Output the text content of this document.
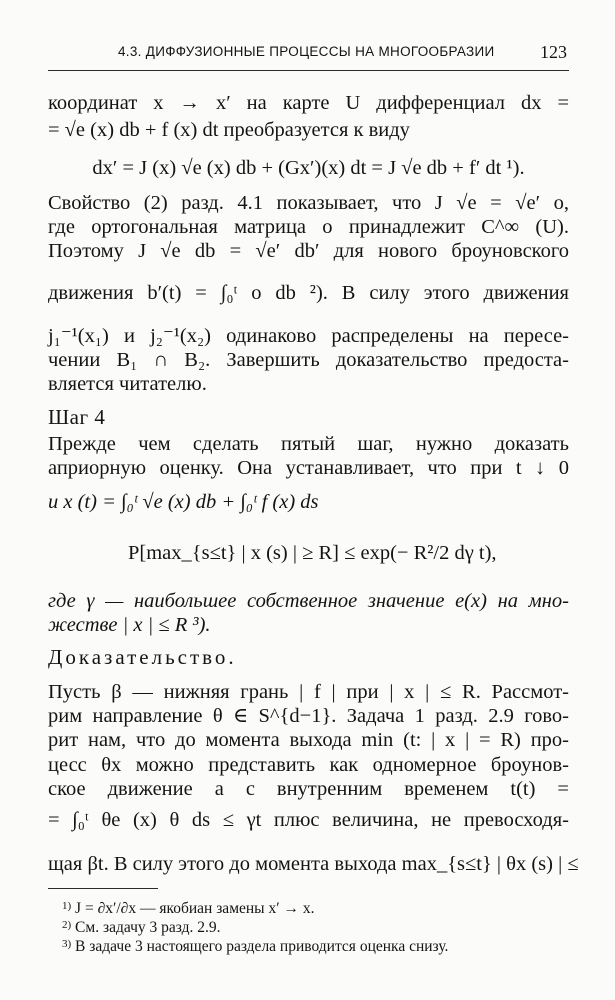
4.3. ДИФФУЗИОННЫЕ ПРОЦЕССЫ НА МНОГООБРАЗИИ	123
координат x → x′ на карте U дифференциал dx =
= √e (x) db + f (x) dt преобразуется к виду
dx′ = J (x) √e (x) db + (Gx′)(x) dt = J √e db + f′ dt ¹).
Свойство (2) разд. 4.1 показывает, что J √e = √e′ o,
где ортогональная матрица o принадлежит C^∞ (U).
Поэтому J √e db = √e′ db′ для нового броуновского
движения b′(t) = ∫₀ᵗ o db ²). В силу этого движения
j₁⁻¹(x₁) и j₂⁻¹(x₂) одинаково распределены на пересе-
чении B₁ ∩ B₂. Завершить доказательство предоста-
вляется читателю.
Шаг 4
Прежде чем сделать пятый шаг, нужно доказать
априорную оценку. Она устанавливает, что при t ↓ 0
и x (t) = ∫₀ᵗ √e (x) db + ∫₀ᵗ f (x) ds
P[max_{s≤t} | x (s) | ≥ R] ≤ exp(− R²/2 dγ t),
где γ — наибольшее собственное значение e(x) на мно-
жестве | x | ≤ R ³).
Доказательство.
Пусть β — нижняя грань | f | при | x | ≤ R. Рассмот-
рим направление θ ∈ S^{d−1}. Задача 1 разд. 2.9 гово-
рит нам, что до момента выхода min (t: | x | = R) про-
цесс θx можно представить как одномерное броунов-
ское движение a с внутренним временем t(t) =
= ∫₀ᵗ θe (x) θ ds ≤ γt плюс величина, не превосходя-
щая βt. В силу этого до момента выхода max_{s≤t} | θx (s) | ≤
$^{1)}$ J = ∂x′/∂x — якобиан замены x′ → x.
$^{2)}$ См. задачу 3 разд. 2.9.
$^{3)}$ В задаче 3 настоящего раздела приводится оценка снизу.
